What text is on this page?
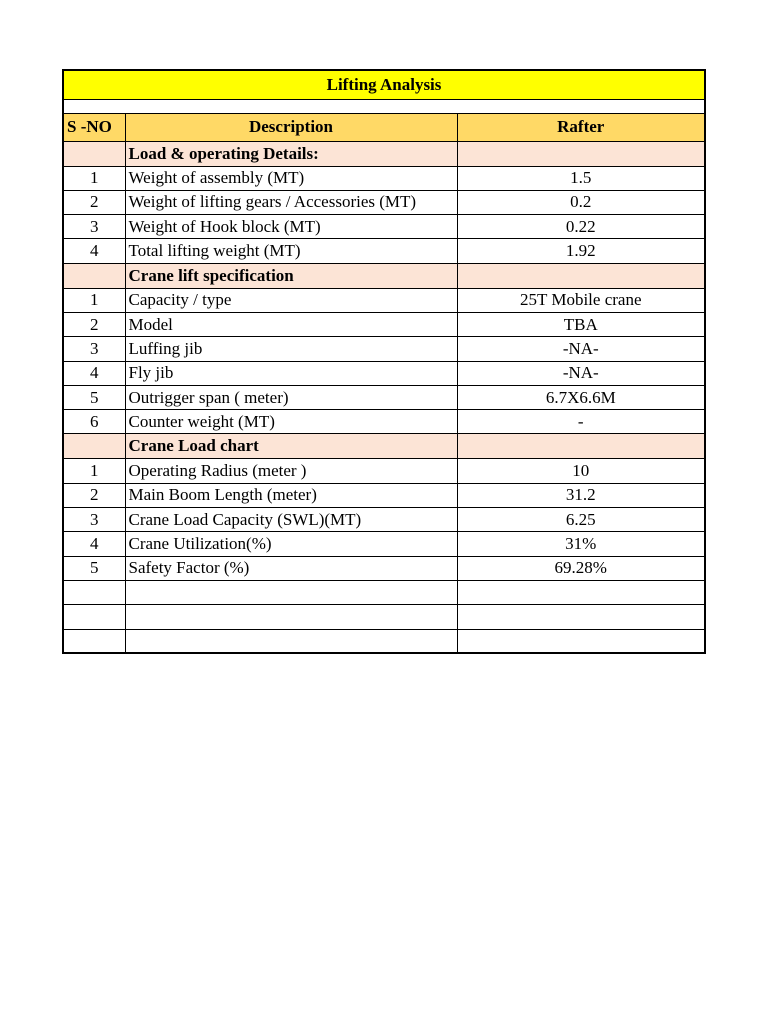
Lifting Analysis		

S -NO	Description	Rafter
	Load & operating Details:	
1	Weight of assembly (MT)	1.5
2	Weight of lifting gears / Accessories (MT)	0.2
3	Weight of Hook block (MT)	0.22
4	Total lifting weight (MT)	1.92
	Crane lift specification	
1	Capacity / type	25T Mobile crane
2	Model	TBA
3	Luffing jib	-NA-
4	Fly jib	-NA-
5	Outrigger span ( meter)	6.7X6.6M
6	Counter weight (MT)	-
	Crane Load chart	
1	Operating Radius (meter )	10
2	Main Boom Length (meter)	31.2
3	Crane Load Capacity (SWL)(MT)	6.25
4	Crane Utilization(%)	31%
5	Safety Factor (%)	69.28%
